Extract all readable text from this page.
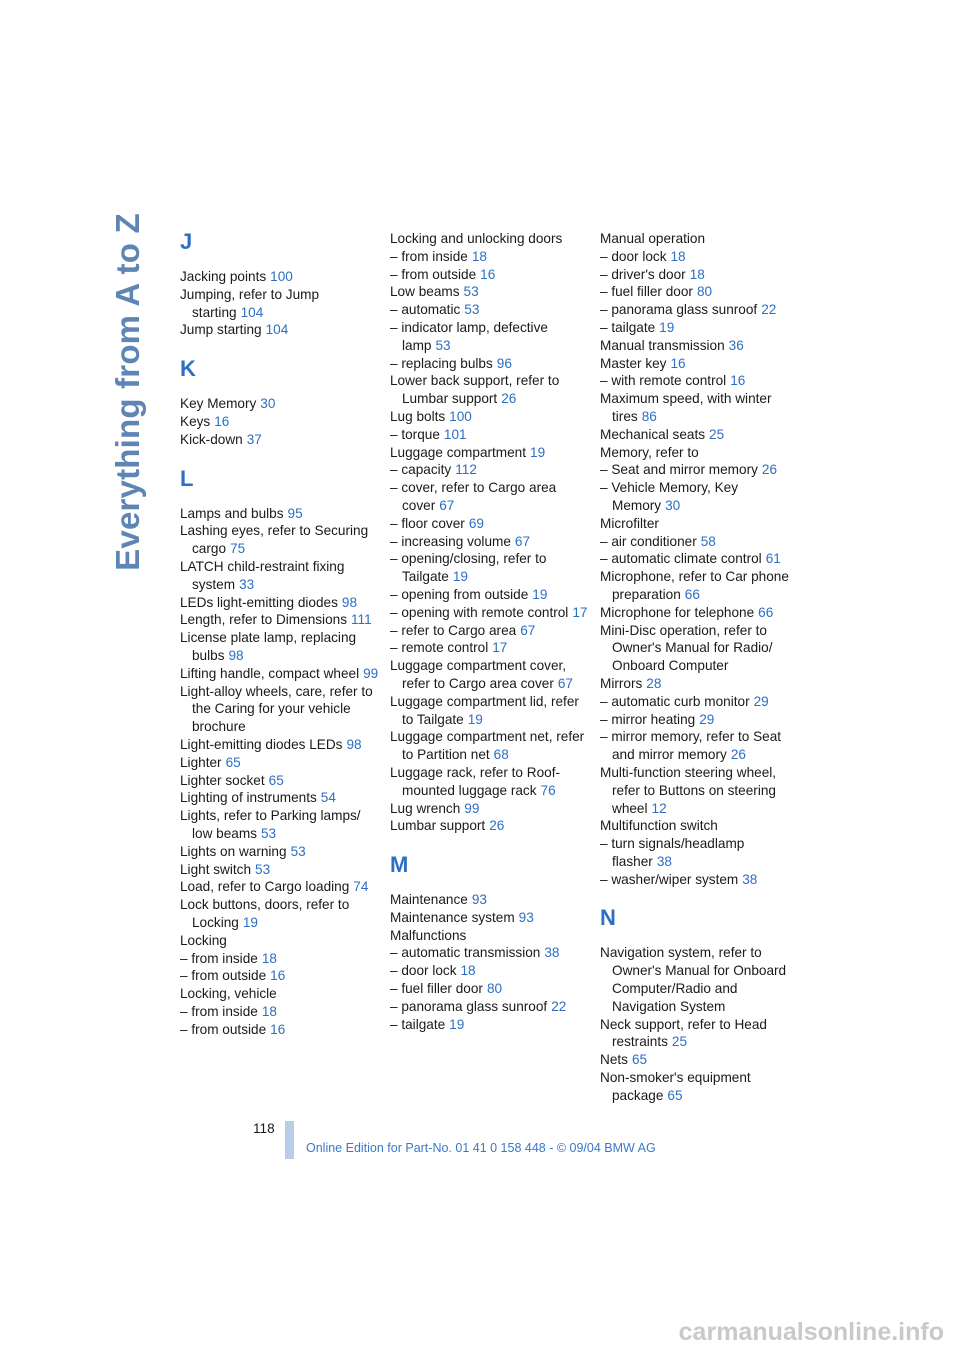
Everything from A to Z J
Jacking points 100
Jumping, refer to Jump starting 104
Jump starting 104
K
Key Memory 30
Keys 16
Kick-down 37
L
Lamps and bulbs 95
Lashing eyes, refer to Securing cargo 75
LATCH child-restraint fixing system 33
LEDs light-emitting diodes 98
Length, refer to Dimensions 111
License plate lamp, replacing bulbs 98
Lifting handle, compact wheel 99
Light-alloy wheels, care, refer to the Caring for your vehicle brochure
Light-emitting diodes LEDs 98
Lighter 65
Lighter socket 65
Lighting of instruments 54
Lights, refer to Parking lamps/ low beams 53
Lights on warning 53
Light switch 53
Load, refer to Cargo loading 74
Lock buttons, doors, refer to Locking 19
Locking
– from inside 18
– from outside 16
Locking, vehicle
– from inside 18
– from outside 16
Locking and unlocking doors
– from inside 18
– from outside 16
Low beams 53
– automatic 53
– indicator lamp, defective lamp 53
– replacing bulbs 96
Lower back support, refer to Lumbar support 26
Lug bolts 100
– torque 101
Luggage compartment 19
– capacity 112
– cover, refer to Cargo area cover 67
– floor cover 69
– increasing volume 67
– opening/closing, refer to Tailgate 19
– opening from outside 19
– opening with remote control 17
– refer to Cargo area 67
– remote control 17
Luggage compartment cover, refer to Cargo area cover 67
Luggage compartment lid, refer to Tailgate 19
Luggage compartment net, refer to Partition net 68
Luggage rack, refer to Roof-mounted luggage rack 76
Lug wrench 99
Lumbar support 26
M
Maintenance 93
Maintenance system 93
Malfunctions
– automatic transmission 38
– door lock 18
– fuel filler door 80
– panorama glass sunroof 22
– tailgate 19
Manual operation
– door lock 18
– driver's door 18
– fuel filler door 80
– panorama glass sunroof 22
– tailgate 19
Manual transmission 36
Master key 16
– with remote control 16
Maximum speed, with winter tires 86
Mechanical seats 25
Memory, refer to
– Seat and mirror memory 26
– Vehicle Memory, Key Memory 30
Microfilter
– air conditioner 58
– automatic climate control 61
Microphone, refer to Car phone preparation 66
Microphone for telephone 66
Mini-Disc operation, refer to Owner's Manual for Radio/ Onboard Computer
Mirrors 28
– automatic curb monitor 29
– mirror heating 29
– mirror memory, refer to Seat and mirror memory 26
Multi-function steering wheel, refer to Buttons on steering wheel 12
Multifunction switch
– turn signals/headlamp flasher 38
– washer/wiper system 38
N
Navigation system, refer to Owner's Manual for Onboard Computer/Radio and Navigation System
Neck support, refer to Head restraints 25
Nets 65
Non-smoker's equipment package 65
118
Online Edition for Part-No. 01 41 0 158 448 - © 09/04 BMW AG
carmanualsonline.info
